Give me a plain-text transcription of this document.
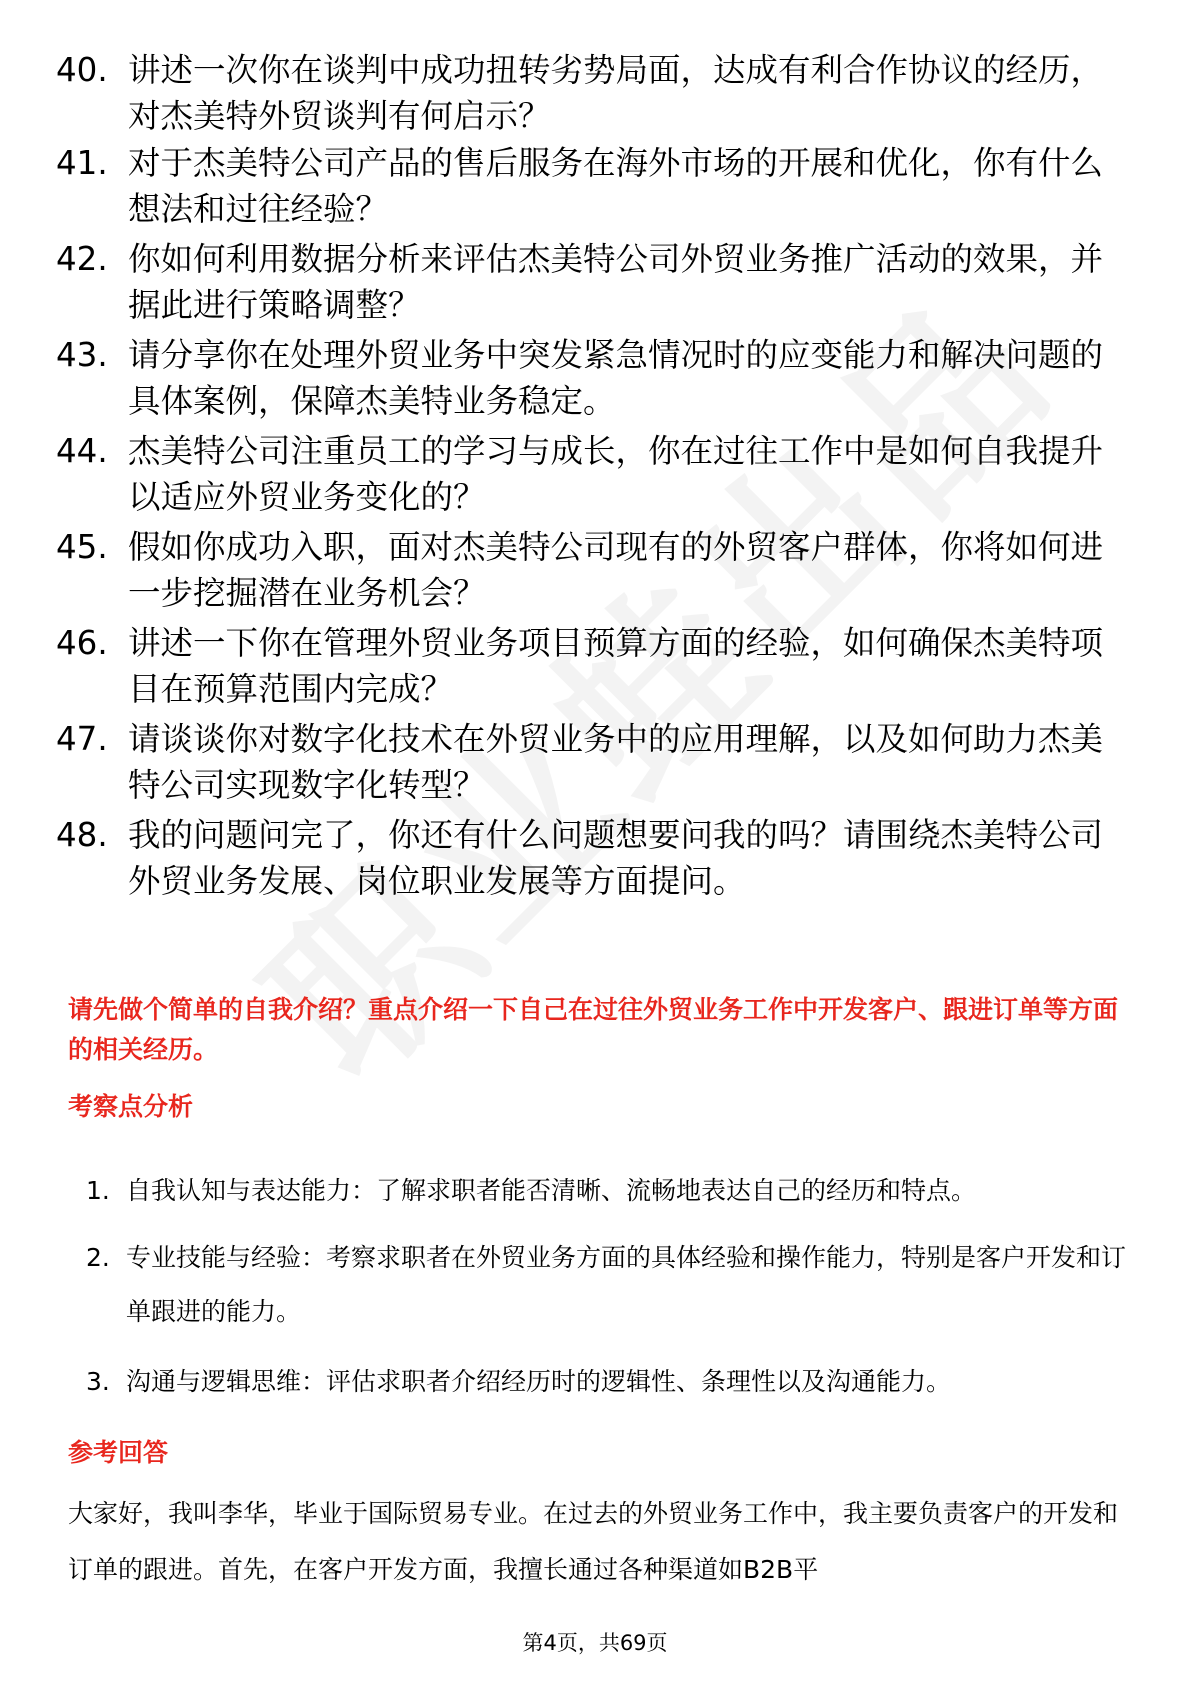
40. 讲述一次你在谈判中成功扭转劣势局面，达成有利合作协议的经历，对杰美特外贸谈判有何启示？
41. 对于杰美特公司产品的售后服务在海外市场的开展和优化，你有什么想法和过往经验？
42. 你如何利用数据分析来评估杰美特公司外贸业务推广活动的效果，并据此进行策略调整？
43. 请分享你在处理外贸业务中突发紧急情况时的应变能力和解决问题的具体案例，保障杰美特业务稳定。
44. 杰美特公司注重员工的学习与成长，你在过往工作中是如何自我提升以适应外贸业务变化的？
45. 假如你成功入职，面对杰美特公司现有的外贸客户群体，你将如何进一步挖掘潜在业务机会？
46. 讲述一下你在管理外贸业务项目预算方面的经验，如何确保杰美特项目在预算范围内完成？
47. 请谈谈你对数字化技术在外贸业务中的应用理解，以及如何助力杰美特公司实现数字化转型？
48. 我的问题问完了，你还有什么问题想要问我的吗？请围绕杰美特公司外贸业务发展、岗位职业发展等方面提问。
请先做个简单的自我介绍？重点介绍一下自己在过往外贸业务工作中开发客户、跟进订单等方面的相关经历。
考察点分析
1. 自我认知与表达能力：了解求职者能否清晰、流畅地表达自己的经历和特点。
2. 专业技能与经验：考察求职者在外贸业务方面的具体经验和操作能力，特别是客户开发和订单跟进的能力。
3. 沟通与逻辑思维：评估求职者介绍经历时的逻辑性、条理性以及沟通能力。
参考回答
大家好，我叫李华，毕业于国际贸易专业。在过去的外贸业务工作中，我主要负责客户的开发和订单的跟进。首先，在客户开发方面，我擅长通过各种渠道如B2B平
第4页，共69页
